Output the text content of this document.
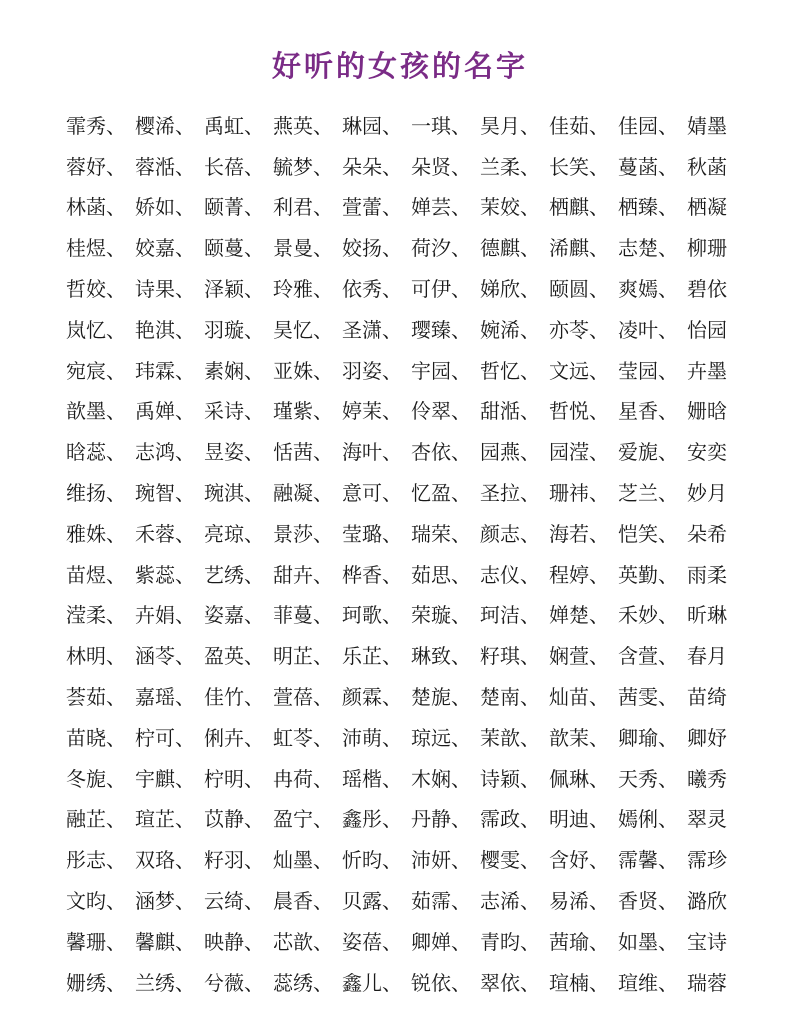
好听的女孩的名字
霏秀、 樱浠、 禹虹、 燕英、 琳园、 一琪、 昊月、 佳茹、 佳园、 婧墨
蓉妤、 蓉湉、 长蓓、 毓梦、 朵朵、 朵贤、 兰柔、 长笑、 蔓菡、 秋菡
林菡、 娇如、 颐菁、 利君、 萱蕾、 婵芸、 茉姣、 栖麒、 栖臻、 栖凝
桂煜、 姣嘉、 颐蔓、 景曼、 姣扬、 荷汐、 德麒、 浠麒、 志楚、 柳珊
哲姣、 诗果、 泽颖、 玲雅、 依秀、 可伊、 娣欣、 颐圆、 爽嫣、 碧依
岚忆、 艳淇、 羽璇、 昊忆、 圣潇、 璎臻、 婉浠、 亦苓、 凌叶、 怡园
宛宸、 玮霖、 素娴、 亚姝、 羽姿、 宇园、 哲忆、 文远、 莹园、 卉墨
歆墨、 禹婵、 采诗、 瑾紫、 婷茉、 伶翠、 甜湉、 哲悦、 星香、 姗晗
晗蕊、 志鸿、 昱姿、 恬茜、 海叶、 杏依、 园燕、 园滢、 爱旎、 安奕
维扬、 琬智、 琬淇、 融凝、 意可、 忆盈、 圣拉、 珊祎、 芝兰、 妙月
雅姝、 禾蓉、 亮琼、 景莎、 莹璐、 瑞荣、 颜志、 海若、 恺笑、 朵希
苗煜、 紫蕊、 艺绣、 甜卉、 桦香、 茹思、 志仪、 程婷、 英勤、 雨柔
滢柔、 卉娟、 姿嘉、 菲蔓、 珂歌、 荣璇、 珂洁、 婵楚、 禾妙、 昕琳
林明、 涵苓、 盈英、 明芷、 乐芷、 琳致、 籽琪、 娴萱、 含萱、 春月
荟茹、 嘉瑶、 佳竹、 萱蓓、 颜霖、 楚旎、 楚南、 灿苗、 茜雯、 苗绮
苗晓、 柠可、 俐卉、 虹苓、 沛萌、 琼远、 茉歆、 歆茉、 卿瑜、 卿妤
冬旎、 宇麒、 柠明、 冉荷、 瑶楷、 木娴、 诗颖、 佩琳、 天秀、 曦秀
融芷、 瑄芷、 苡静、 盈宁、 鑫彤、 丹静、 霈政、 明迪、 嫣俐、 翠灵
彤志、 双珞、 籽羽、 灿墨、 忻昀、 沛妍、 樱雯、 含妤、 霈馨、 霈珍
文昀、 涵梦、 云绮、 晨香、 贝露、 茹霈、 志浠、 易浠、 香贤、 潞欣
馨珊、 馨麒、 映静、 芯歆、 姿蓓、 卿婵、 青昀、 茜瑜、 如墨、 宝诗
姗绣、 兰绣、 兮薇、 蕊绣、 鑫儿、 锐依、 翠依、 瑄楠、 瑄维、 瑞蓉
